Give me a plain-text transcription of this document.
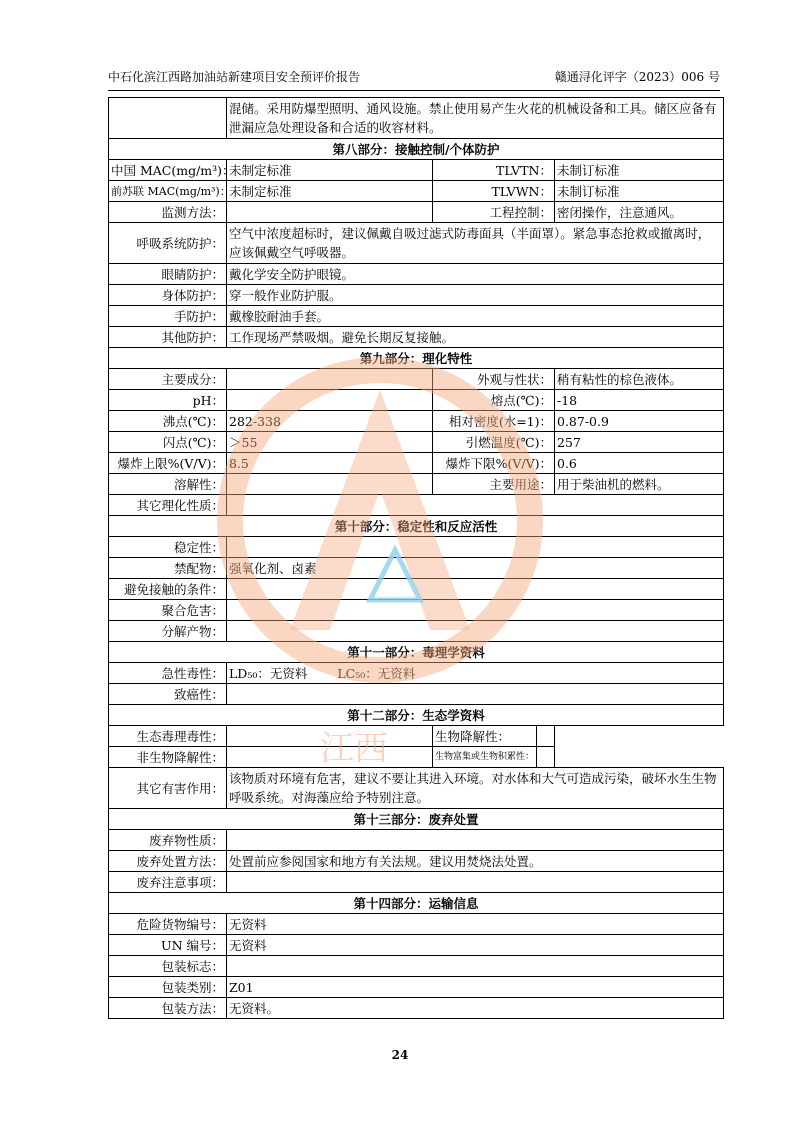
中石化滨江西路加油站新建项目安全预评价报告	赣通浔化评字（2023）006 号
	混储。采用防爆型照明、通风设施。禁止使用易产生火花的机械设备和工具。储区应备有泄漏应急处理设备和合适的收容材料。			
第八部分：接触控制/个体防护				
中国 MAC(mg/m³)：	未制定标准	TLVTN：		未制订标准
前苏联 MAC(mg/m³)：	未制定标准	TLVWN：		未制订标准
监测方法：		工程控制：		密闭操作，注意通风。
呼吸系统防护：	空气中浓度超标时，建议佩戴自吸过滤式防毒面具（半面罩）。紧急事态抢救或撤离时，应该佩戴空气呼吸器。			
眼睛防护：	戴化学安全防护眼镜。			
身体防护：	穿一般作业防护服。			
手防护：	戴橡胶耐油手套。			
其他防护：	工作现场严禁吸烟。避免长期反复接触。			
第九部分：理化特性				
主要成分：		外观与性状：		稍有粘性的棕色液体。
pH：		熔点(℃)：		-18
沸点(℃)：	282-338	相对密度(水=1)：		0.87-0.9
闪点(℃)：	＞55	引燃温度(℃)：		257
爆炸上限%(V/V)：	8.5	爆炸下限%(V/V)：		0.6
溶解性：		主要用途：		用于柴油机的燃料。
其它理化性质：				
第十部分：稳定性和反应活性				
稳定性：				
禁配物：	强氧化剂、卤素			
避免接触的条件：				
聚合危害：				
分解产物：				
第十一部分：毒理学资料				
急性毒性：	LD₅₀：无资料 LC₅₀：无资料			
致癌性：				
第十二部分：生态学资料				
生态毒理毒性：		生物降解性：		
非生物降解性：		生物富集或生物积累性：		
其它有害作用：	该物质对环境有危害，建议不要让其进入环境。对水体和大气可造成污染，破坏水生生物呼吸系统。对海藻应给予特别注意。			
第十三部分：废弃处置				
废弃物性质：				
废弃处置方法：	处置前应参阅国家和地方有关法规。建议用焚烧法处置。			
废弃注意事项：				
第十四部分：运输信息				
危险货物编号：	无资料			
UN 编号：	无资料			
包装标志：				
包装类别：	Z01			
包装方法：	无资料。			
江西
24
